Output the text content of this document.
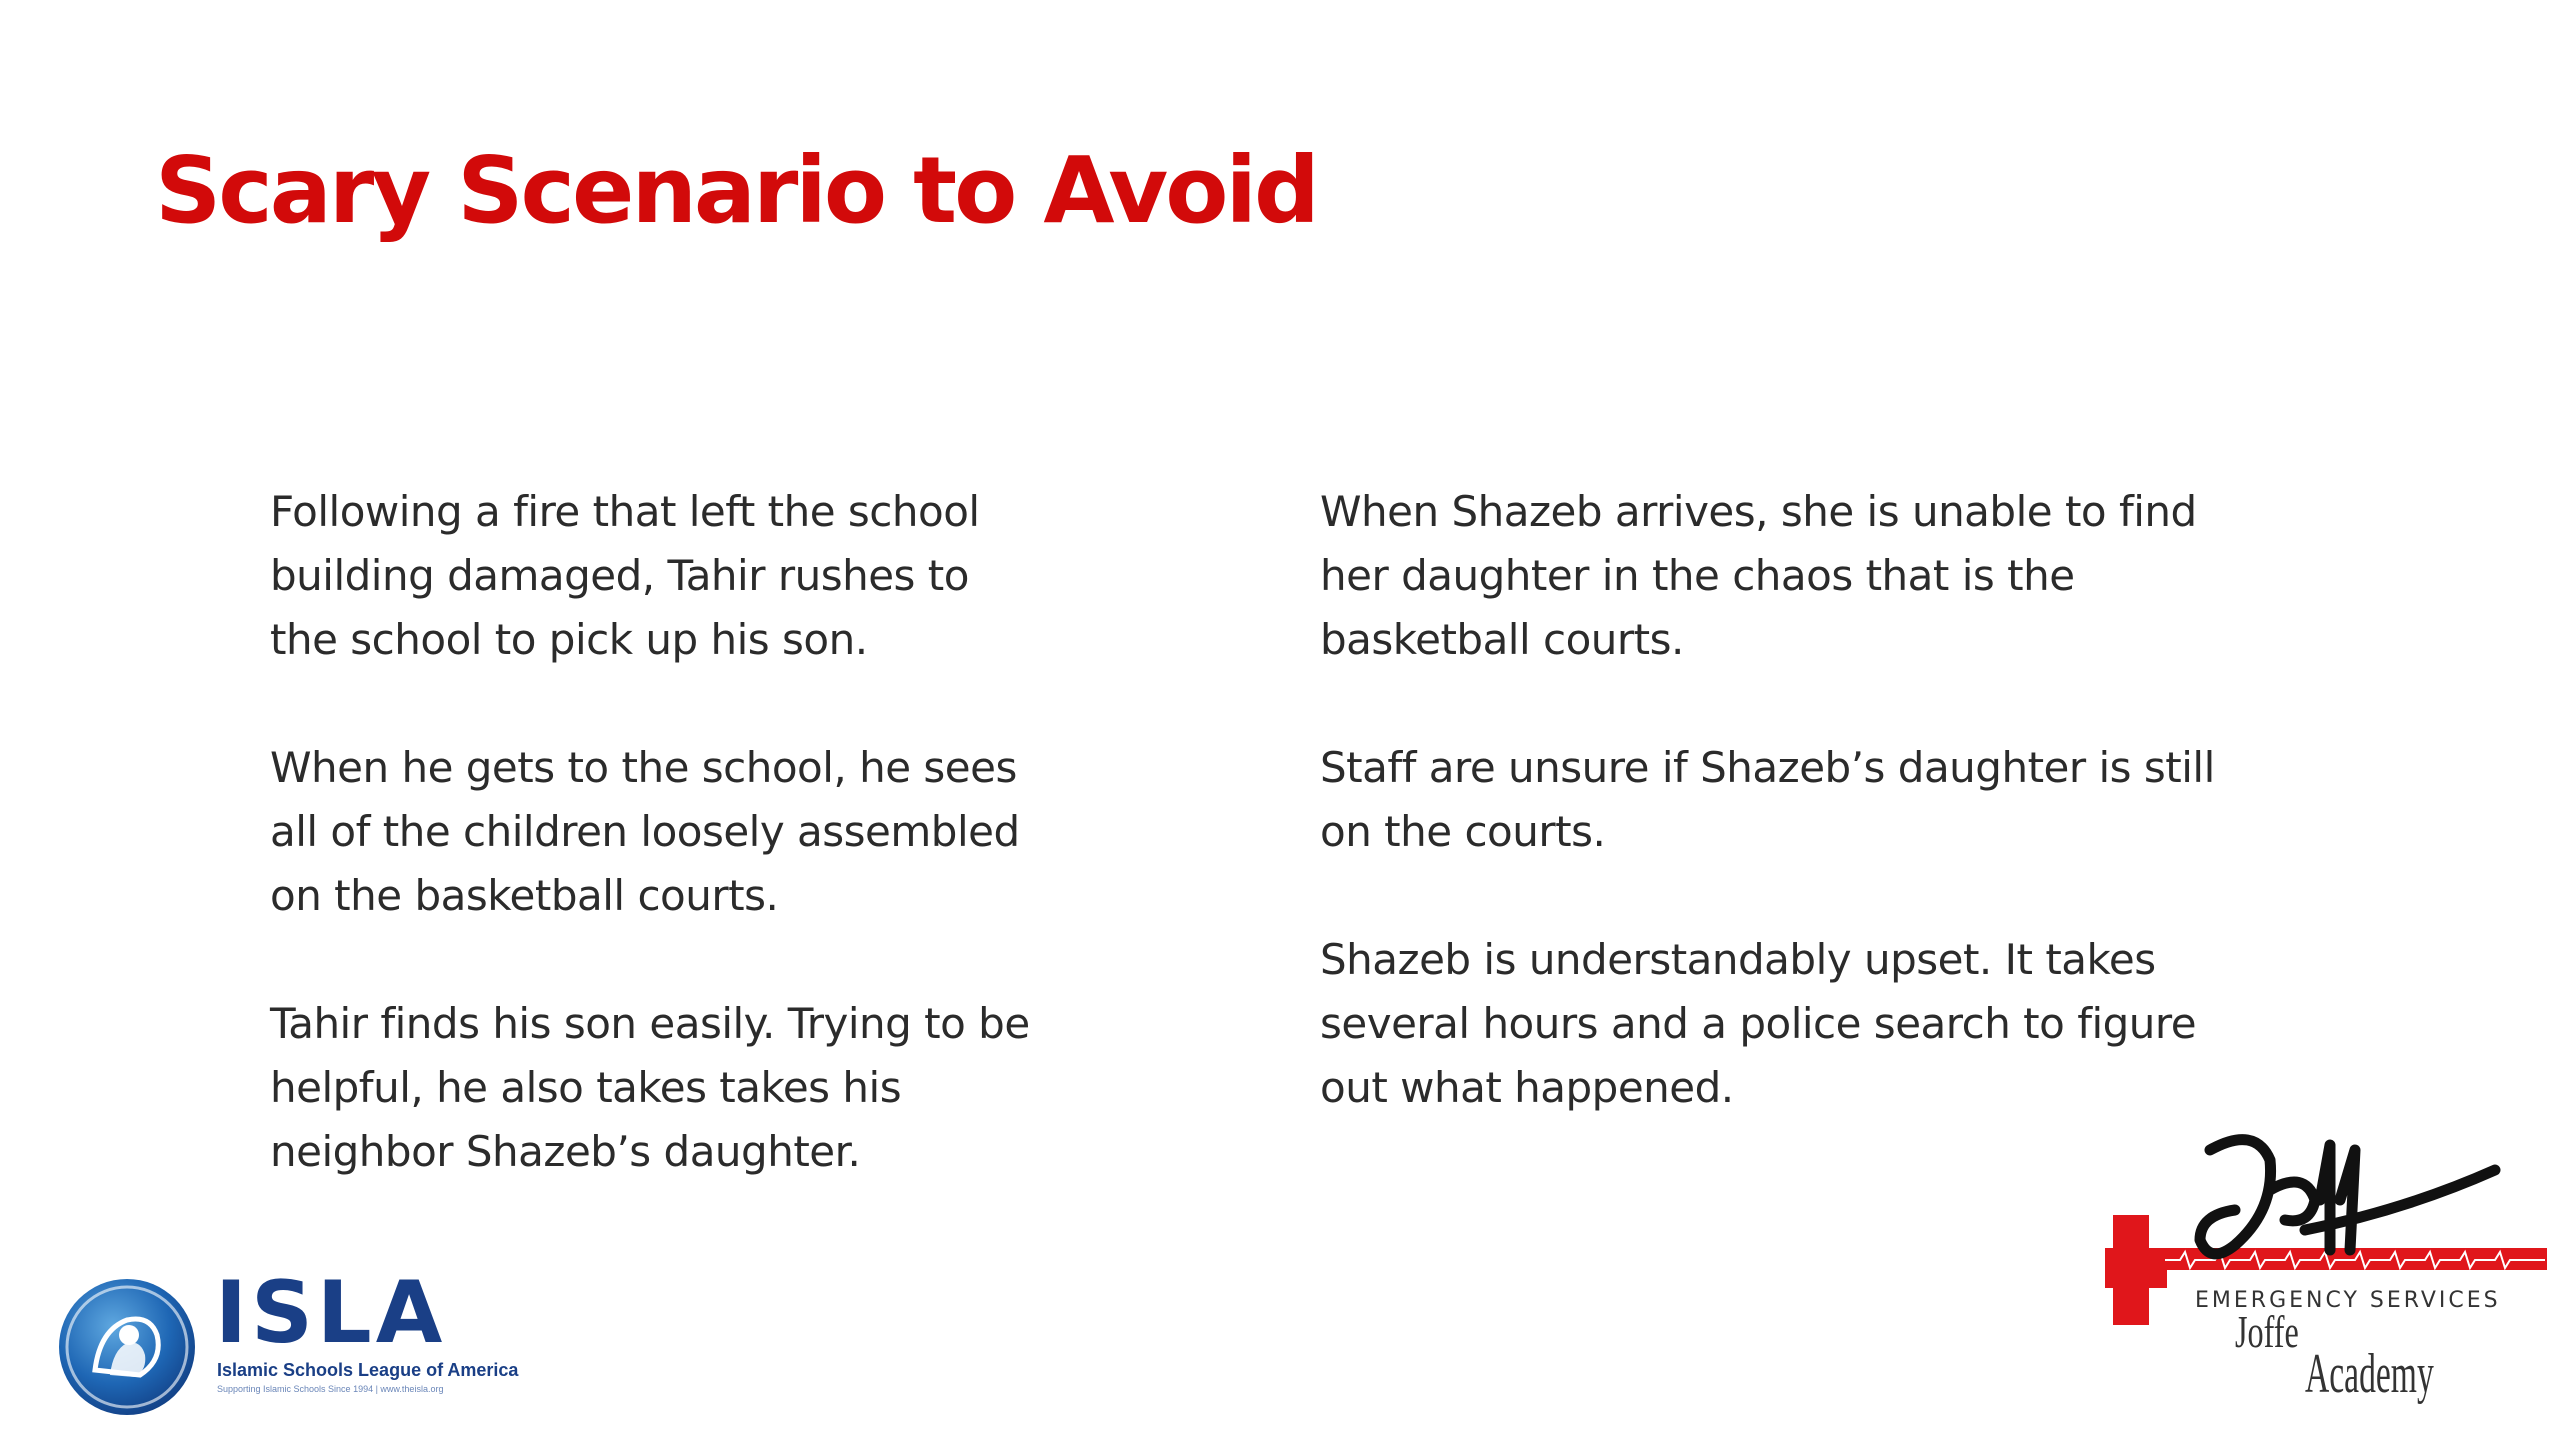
Scary Scenario to Avoid

Following a fire that left the school building damaged, Tahir rushes to the school to pick up his son.

When he gets to the school, he sees all of the children loosely assembled on the basketball courts.

Tahir finds his son easily. Trying to be helpful, he also takes takes his neighbor Shazeb’s daughter.

When Shazeb arrives, she is unable to find her daughter in the chaos that is the basketball courts.

Staff are unsure if Shazeb’s daughter is still on the courts.

Shazeb is understandably upset. It takes several hours and a police search to figure out what happened.

ISLA
Islamic Schools League of America
Supporting Islamic Schools Since 1994 | www.theisla.org
EMERGENCY SERVICES
Joffe
Academy
